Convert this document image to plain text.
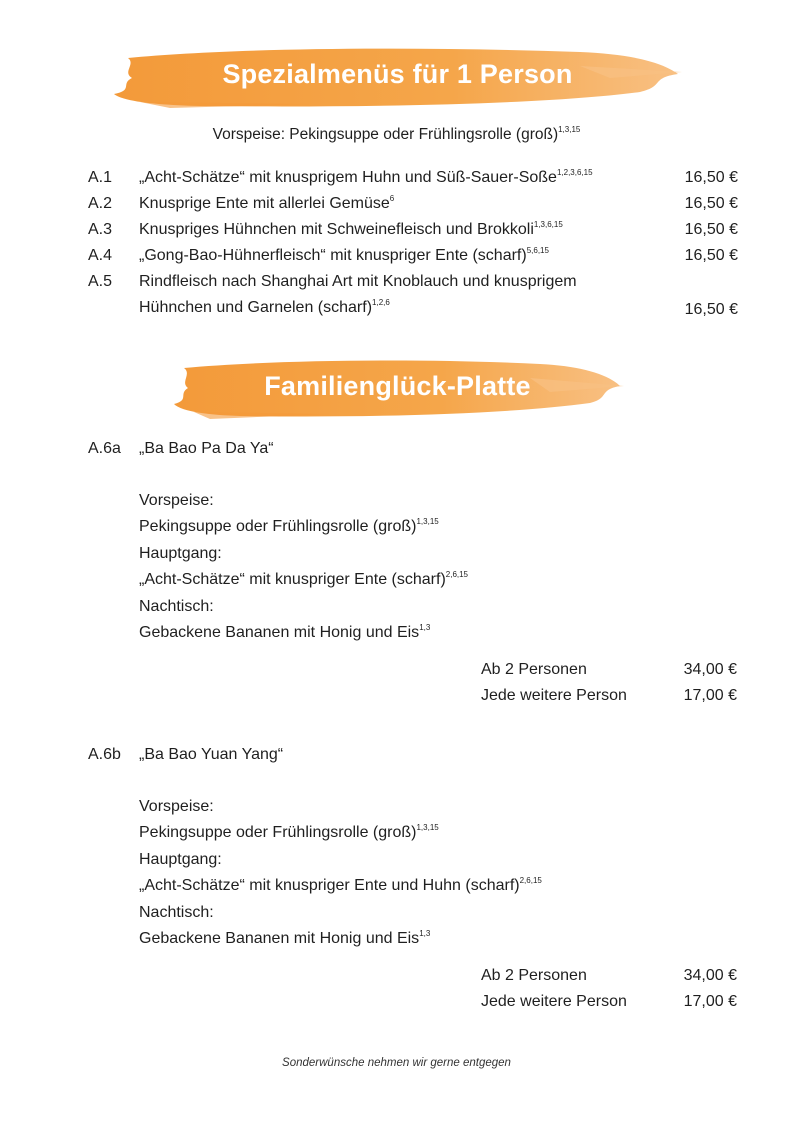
Spezialmenüs für 1 Person
Vorspeise: Pekingsuppe oder Frühlingsrolle (groß)$^{1,3,15}$
A.1 „Acht-Schätze“ mit knusprigem Huhn und Süß-Sauer-Soße$^{1,2,3,6,15}$	16,50 €
A.2 Knusprige Ente mit allerlei Gemüse$^6$	16,50 €
A.3 Knuspriges Hühnchen mit Schweinefleisch und Brokkoli$^{1,3,6,15}$	16,50 €
A.4 „Gong-Bao-Hühnerfleisch“ mit knuspriger Ente (scharf)$^{5,6,15}$	16,50 €
A.5 Rindfleisch nach Shanghai Art mit Knoblauch und knusprigem
Hühnchen und Garnelen (scharf)$^{1,2,6}$	16,50 €
Familienglück-Platte
A.6a „Ba Bao Pa Da Ya“
Vorspeise:
Pekingsuppe oder Frühlingsrolle (groß)$^{1,3,15}$
Hauptgang:
„Acht-Schätze“ mit knuspriger Ente (scharf)$^{2,6,15}$
Nachtisch:
Gebackene Bananen mit Honig und Eis$^{1,3}$
Ab 2 Personen	34,00 €
Jede weitere Person	17,00 €
A.6b „Ba Bao Yuan Yang“
Vorspeise:
Pekingsuppe oder Frühlingsrolle (groß)$^{1,3,15}$
Hauptgang:
„Acht-Schätze“ mit knuspriger Ente und Huhn (scharf)$^{2,6,15}$
Nachtisch:
Gebackene Bananen mit Honig und Eis$^{1,3}$
Ab 2 Personen	34,00 €
Jede weitere Person	17,00 €
Sonderwünsche nehmen wir gerne entgegen
